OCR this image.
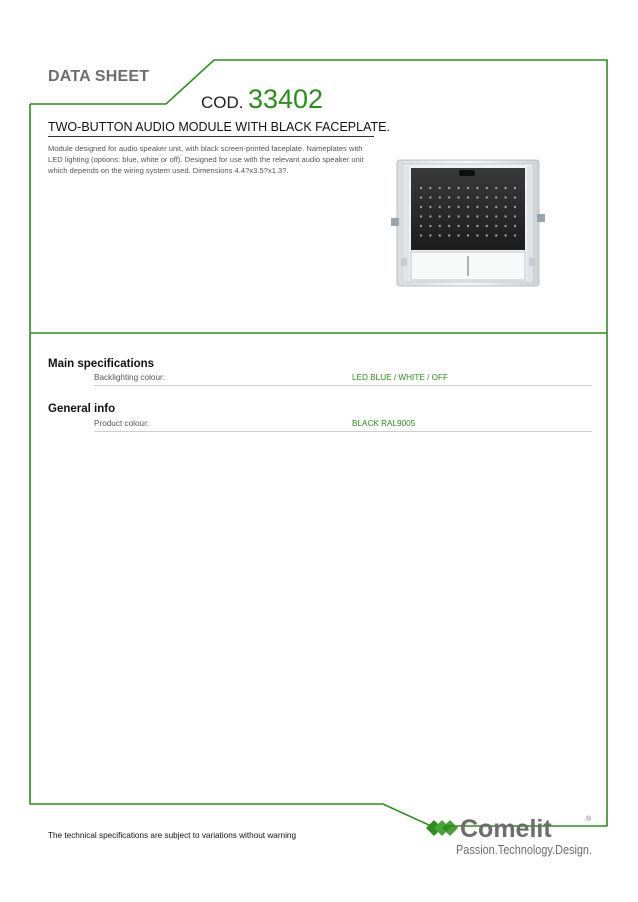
DATA SHEET
COD. 33402
TWO-BUTTON AUDIO MODULE WITH BLACK FACEPLATE.
Module designed for audio speaker unit, with black screen-printed faceplate. Nameplates with LED lighting (options: blue, white or off). Designed for use with the relevant audio speaker unit which depends on the wiring system used. Dimensions 4.4?x3.5?x1.3?.
Main specifications
Backlighting colour:	LED BLUE / WHITE / OFF
General info
Product colour:	BLACK RAL9005
The technical specifications are subject to variations without warning	Comelit	®
Passion.Technology.Design.
